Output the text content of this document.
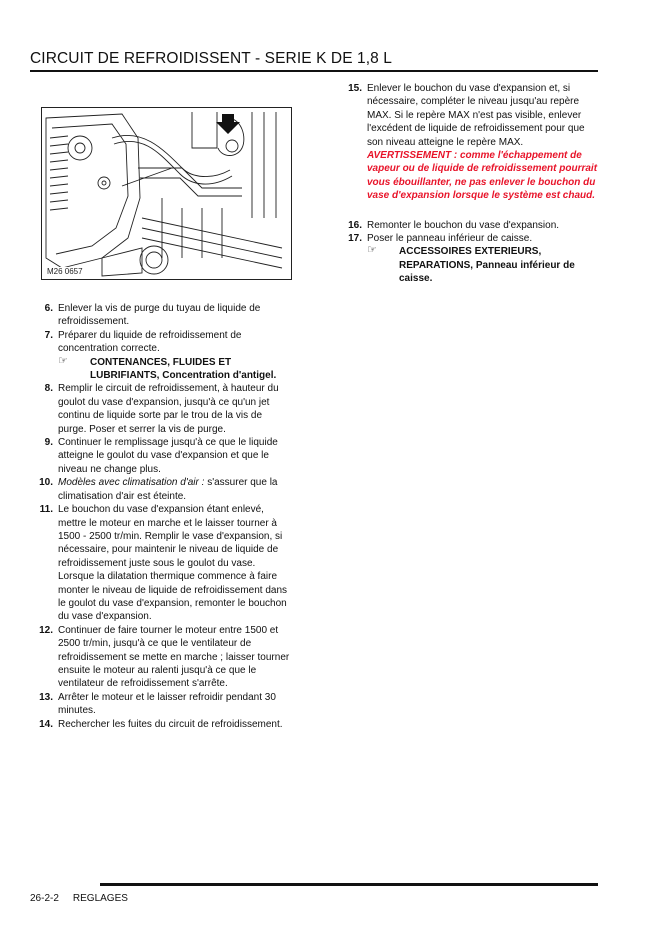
CIRCUIT DE REFROIDISSENT - SERIE K DE 1,8 L
M26 0657
6. Enlever la vis de purge du tuyau de liquide de refroidissement.
7. Préparer du liquide de refroidissement de concentration correcte.
☞ CONTENANCES, FLUIDES ET LUBRIFIANTS, Concentration d'antigel.
8. Remplir le circuit de refroidissement, à hauteur du goulot du vase d'expansion, jusqu'à ce qu'un jet continu de liquide sorte par le trou de la vis de purge. Poser et serrer la vis de purge.
9. Continuer le remplissage jusqu'à ce que le liquide atteigne le goulot du vase d'expansion et que le niveau ne change plus.
10. Modèles avec climatisation d'air : s'assurer que la climatisation d'air est éteinte.
11. Le bouchon du vase d'expansion étant enlevé, mettre le moteur en marche et le laisser tourner à 1500 - 2500 tr/min. Remplir le vase d'expansion, si nécessaire, pour maintenir le niveau de liquide de refroidissement juste sous le goulot du vase. Lorsque la dilatation thermique commence à faire monter le niveau de liquide de refroidissement dans le goulot du vase d'expansion, remonter le bouchon du vase d'expansion.
12. Continuer de faire tourner le moteur entre 1500 et 2500 tr/min, jusqu'à ce que le ventilateur de refroidissement se mette en marche ; laisser tourner ensuite le moteur au ralenti jusqu'à ce que le ventilateur de refroidissement s'arrête.
13. Arrêter le moteur et le laisser refroidir pendant 30 minutes.
14. Rechercher les fuites du circuit de refroidissement.
15. Enlever le bouchon du vase d'expansion et, si nécessaire, compléter le niveau jusqu'au repère MAX. Si le repère MAX n'est pas visible, enlever l'excédent de liquide de refroidissement pour que son niveau atteigne le repère MAX.
AVERTISSEMENT : comme l'échappement de vapeur ou de liquide de refroidissement pourrait vous ébouillanter, ne pas enlever le bouchon du vase d'expansion lorsque le système est chaud.
16. Remonter le bouchon du vase d'expansion.
17. Poser le panneau inférieur de caisse.
☞ ACCESSOIRES EXTERIEURS, REPARATIONS, Panneau inférieur de caisse.
26-2-2 REGLAGES
